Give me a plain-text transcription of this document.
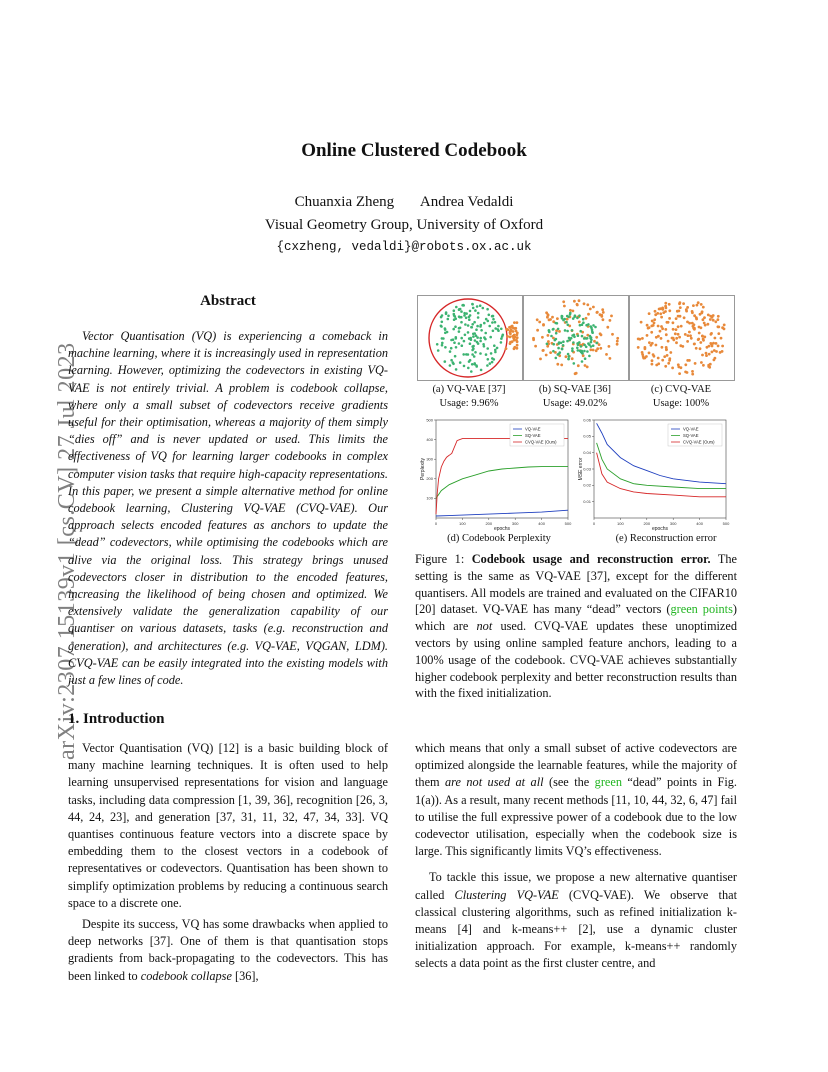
arXiv:2307.15139v1 [cs.CV] 27 Jul 2023
Online Clustered Codebook
Chuanxia Zheng Andrea Vedaldi
Visual Geometry Group, University of Oxford
{cxzheng, vedaldi}@robots.ox.ac.uk
Abstract
Vector Quantisation (VQ) is experiencing a comeback in machine learning, where it is increasingly used in representation learning. However, optimizing the codevectors in existing VQ-VAE is not entirely trivial. A problem is codebook collapse, where only a small subset of codevectors receive gradients useful for their optimisation, whereas a majority of them simply “dies off” and is never updated or used. This limits the effectiveness of VQ for learning larger codebooks in complex computer vision tasks that require high-capacity representations. In this paper, we present a simple alternative method for online codebook learning, Clustering VQ-VAE (CVQ-VAE). Our approach selects encoded features as anchors to update the “dead” codevectors, while optimising the codebooks which are alive via the original loss. This strategy brings unused codevectors closer in distribution to the encoded features, increasing the likelihood of being chosen and optimized. We extensively validate the generalization capability of our quantiser on various datasets, tasks (e.g. reconstruction and generation), and architectures (e.g. VQ-VAE, VQGAN, LDM). CVQ-VAE can be easily integrated into the existing models with just a few lines of code.
(a) VQ-VAE [37]
Usage: 9.96%
(b) SQ-VAE [36]
Usage: 49.02%
(c) CVQ-VAE
Usage: 100%
0	100	200	300	400	500
100
200
300
400
500
epochs
Perplexity
VQ-VAE
SQ-VAE
CVQ-VAE (Ours)
0	100	200	300	400	500
0.01
0.02
0.03
0.04
0.05
0.06
epochs
MSE error
VQ-VAE
SQ-VAE
CVQ-VAE (Ours)
(d) Codebook Perplexity	(e) Reconstruction error
Figure 1: Codebook usage and reconstruction error. The setting is the same as VQ-VAE [37], except for the different quantisers. All models are trained and evaluated on the CIFAR10 [20] dataset. VQ-VAE has many “dead” vectors (green points) which are not used. CVQ-VAE updates these unoptimized vectors by using online sampled feature anchors, leading to a 100% usage of the codebook. CVQ-VAE achieves substantially higher codebook perplexity and better reconstruction results than with the fixed initialization.
1. Introduction

Vector Quantisation (VQ) [12] is a basic building block of many machine learning techniques. It is often used to help learning unsupervised representations for vision and language tasks, including data compression [1, 39, 36], recognition [26, 3, 44, 24, 23], and generation [37, 31, 11, 32, 47, 34, 33]. VQ quantises continuous feature vectors into a discrete space by embedding them to the closest vectors in a codebook of representatives or codevectors. Quantisation has been shown to simplify optimization problems by reducing a continuous search space to a discrete one.

Despite its success, VQ has some drawbacks when applied to deep networks [37]. One of them is that quantisation stops gradients from back-propagating to the codevectors. This has been linked to codebook collapse [36],

which means that only a small subset of active codevectors are optimized alongside the learnable features, while the majority of them are not used at all (see the green “dead” points in Fig. 1(a)). As a result, many recent methods [11, 10, 44, 32, 6, 47] fail to utilise the full expressive power of a codebook due to the low codevector utilisation, especially when the codebook size is large. This significantly limits VQ’s effectiveness.

To tackle this issue, we propose a new alternative quantiser called Clustering VQ-VAE (CVQ-VAE). We observe that classical clustering algorithms, such as refined initialization k-means [4] and k-means++ [2], use a dynamic cluster initialization approach. For example, k-means++ randomly selects a data point as the first cluster centre, and
